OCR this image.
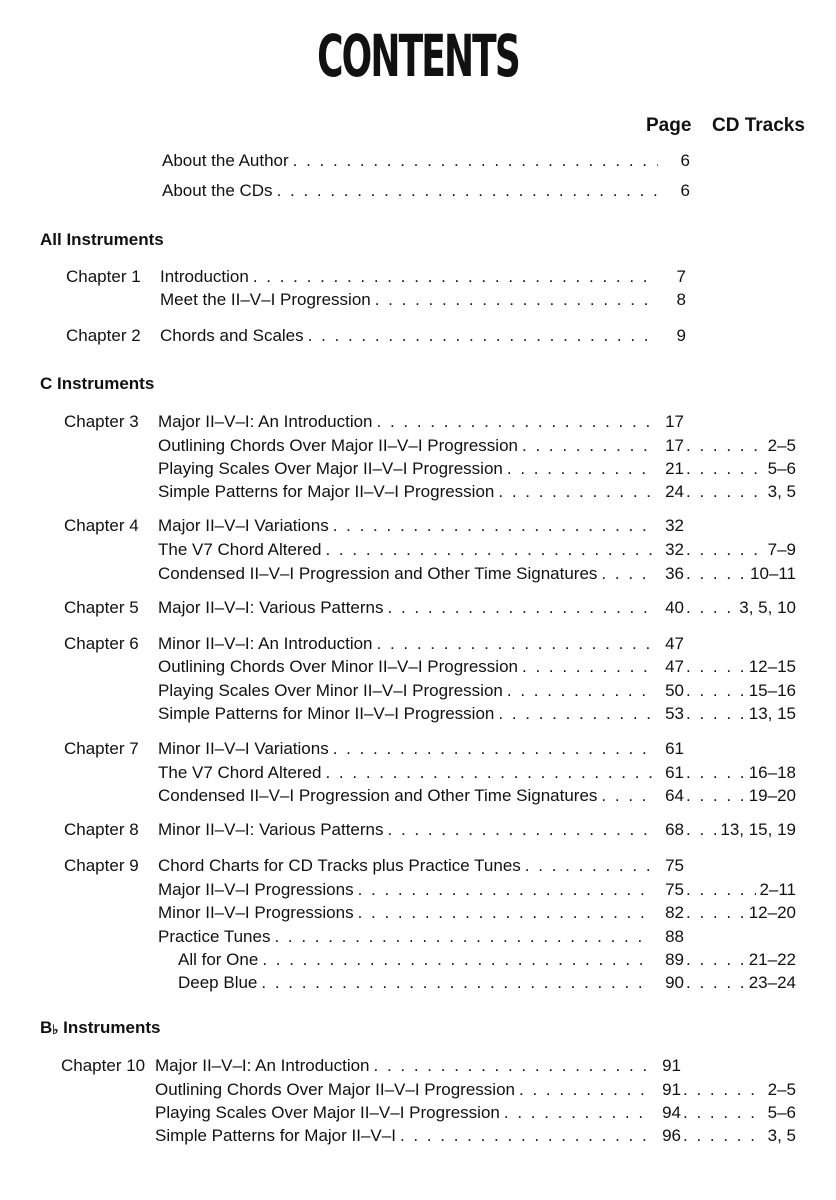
CONTENTS
Page CD Tracks
About the Author . . .	6
About the CDs . . .	6
All Instruments
C Instruments
B♭ Instruments
Chapter 1 Introduction . . .	7
Meet the II–V–I Progression . . .	8
Chapter 2 Chords and Scales . . .	9
Chapter 3 Major II–V–I: An Introduction . . .	17
Outlining Chords Over Major II–V–I Progression . . .	17 . . .	2–5
Playing Scales Over Major II–V–I Progression . . .	21 . . .	5–6
Simple Patterns for Major II–V–I Progression . . .	24 . . .	3, 5
Chapter 4 Major II–V–I Variations . . .	32
The V7 Chord Altered . . .	32 . . .	7–9
Condensed II–V–I Progression and Other Time Signatures . . .	36 . . .	10–11
Chapter 5 Major II–V–I: Various Patterns . . .	40 . . .	3, 5, 10
Chapter 6 Minor II–V–I: An Introduction . . .	47
Outlining Chords Over Minor II–V–I Progression . . .	47 . . .	12–15
Playing Scales Over Minor II–V–I Progression . . .	50 . . .	15–16
Simple Patterns for Minor II–V–I Progression . . .	53 . . .	13, 15
Chapter 7 Minor II–V–I Variations . . .	61
The V7 Chord Altered . . .	61 . . .	16–18
Condensed II–V–I Progression and Other Time Signatures . . .	64 . . .	19–20
Chapter 8 Minor II–V–I: Various Patterns . . .	68 . . . 13, 15, 19
Chapter 9 Chord Charts for CD Tracks plus Practice Tunes . . .	75
Major II–V–I Progressions . . .	75 . . .	2–11
Minor II–V–I Progressions . . .	82 . . .	12–20
Practice Tunes . . .	88
All for One . . .	89 . . .	21–22
Deep Blue . . .	90 . . .	23–24
Chapter 10 Major II–V–I: An Introduction . . .	91
Outlining Chords Over Major II–V–I Progression . . .	91 . . .	2–5
Playing Scales Over Major II–V–I Progression . . .	94 . . .	5–6
Simple Patterns for Major II–V–I . . .	96 . . .	3, 5
